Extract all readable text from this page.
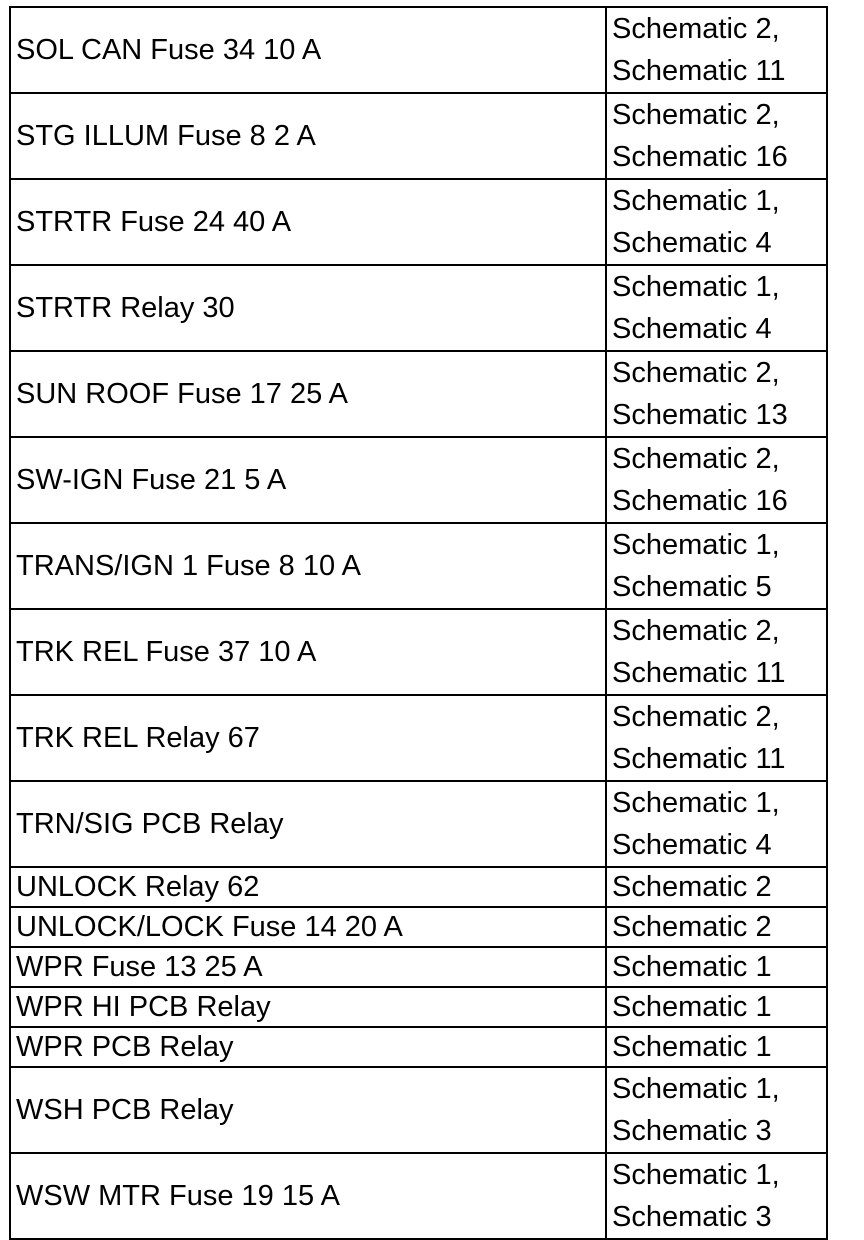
SOL CAN Fuse 34 10 A	Schematic 2,
Schematic 11

STG ILLUM Fuse 8 2 A	Schematic 2,
Schematic 16

STRTR Fuse 24 40 A	Schematic 1,
Schematic 4

STRTR Relay 30	Schematic 1,
Schematic 4

SUN ROOF Fuse 17 25 A	Schematic 2,
Schematic 13

SW-IGN Fuse 21 5 A	Schematic 2,
Schematic 16

TRANS/IGN 1 Fuse 8 10 A	Schematic 1,
Schematic 5

TRK REL Fuse 37 10 A	Schematic 2,
Schematic 11

TRK REL Relay 67	Schematic 2,
Schematic 11

TRN/SIG PCB Relay	Schematic 1,
Schematic 4

UNLOCK Relay 62	Schematic 2
UNLOCK/LOCK Fuse 14 20 A	Schematic 2
WPR Fuse 13 25 A	Schematic 1
WPR HI PCB Relay	Schematic 1
WPR PCB Relay	Schematic 1
WSH PCB Relay	Schematic 1,
Schematic 3

WSW MTR Fuse 19 15 A	Schematic 1,
Schematic 3
